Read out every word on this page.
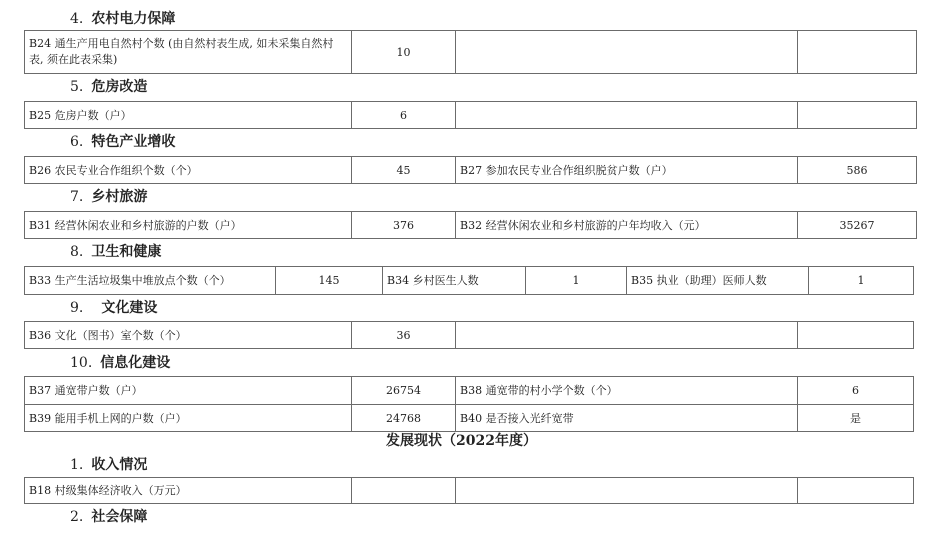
4. 农村电力保障
B24 通生产用电自然村个数 (由自然村表生成, 如未采集自然村表, 须在此表采集)	10		
5. 危房改造
B25 危房户数（户）	6		
6. 特色产业增收
B26 农民专业合作组织个数（个）	45	B27 参加农民专业合作组织脱贫户数（户）	586
7. 乡村旅游
B31 经营休闲农业和乡村旅游的户数（户）	376	B32 经营休闲农业和乡村旅游的户年均收入（元）	35267
8. 卫生和健康
B33 生产生活垃圾集中堆放点个数（个）	145	B34 乡村医生人数	1	B35 执业（助理）医师人数	1
9. 文化建设
B36 文化（图书）室个数（个）	36		
10. 信息化建设
B37 通宽带户数（户）	26754	B38 通宽带的村小学个数（个）	6
B39 能用手机上网的户数（户）	24768	B40 是否接入光纤宽带	是
发展现状（2022年度）
1. 收入情况
B18 村级集体经济收入（万元）			
2. 社会保障
